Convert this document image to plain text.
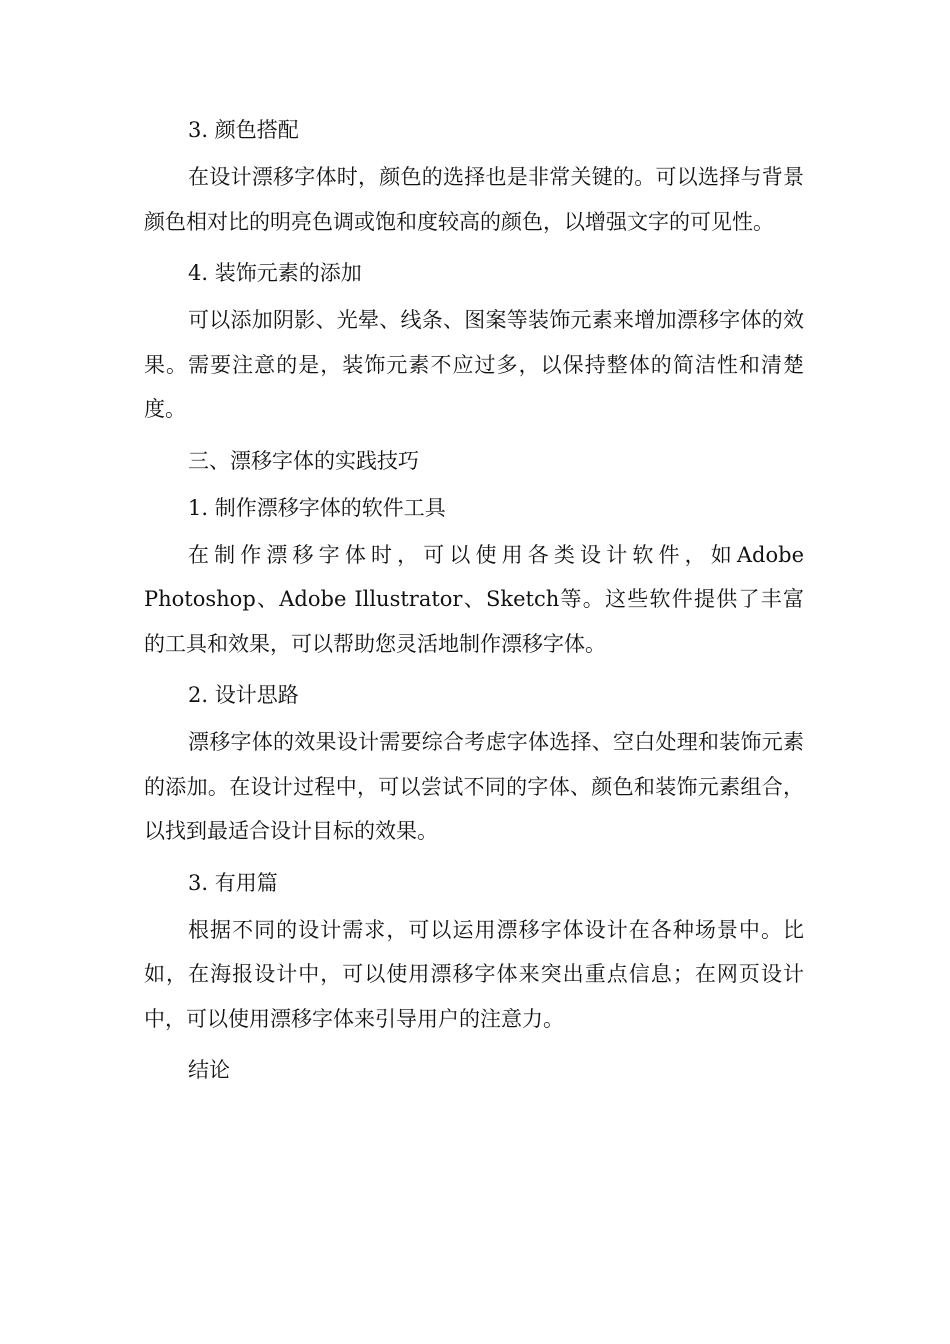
3. 颜色搭配

在设计漂移字体时，颜色的选择也是非常关键的。可以选择与背景颜色相对比的明亮色调或饱和度较高的颜色，以增强文字的可见性。

4. 装饰元素的添加

可以添加阴影、光晕、线条、图案等装饰元素来增加漂移字体的效果。需要注意的是，装饰元素不应过多，以保持整体的简洁性和清楚度。

三、漂移字体的实践技巧
1. 制作漂移字体的软件工具

在制作漂移字体时，可以使用各类设计软件，如Adobe Photoshop、Adobe Illustrator、Sketch等。这些软件提供了丰富的工具和效果，可以帮助您灵活地制作漂移字体。

2. 设计思路

漂移字体的效果设计需要综合考虑字体选择、空白处理和装饰元素的添加。在设计过程中，可以尝试不同的字体、颜色和装饰元素组合，以找到最适合设计目标的效果。

3. 有用篇

根据不同的设计需求，可以运用漂移字体设计在各种场景中。比如，在海报设计中，可以使用漂移字体来突出重点信息；在网页设计中，可以使用漂移字体来引导用户的注意力。

结论
